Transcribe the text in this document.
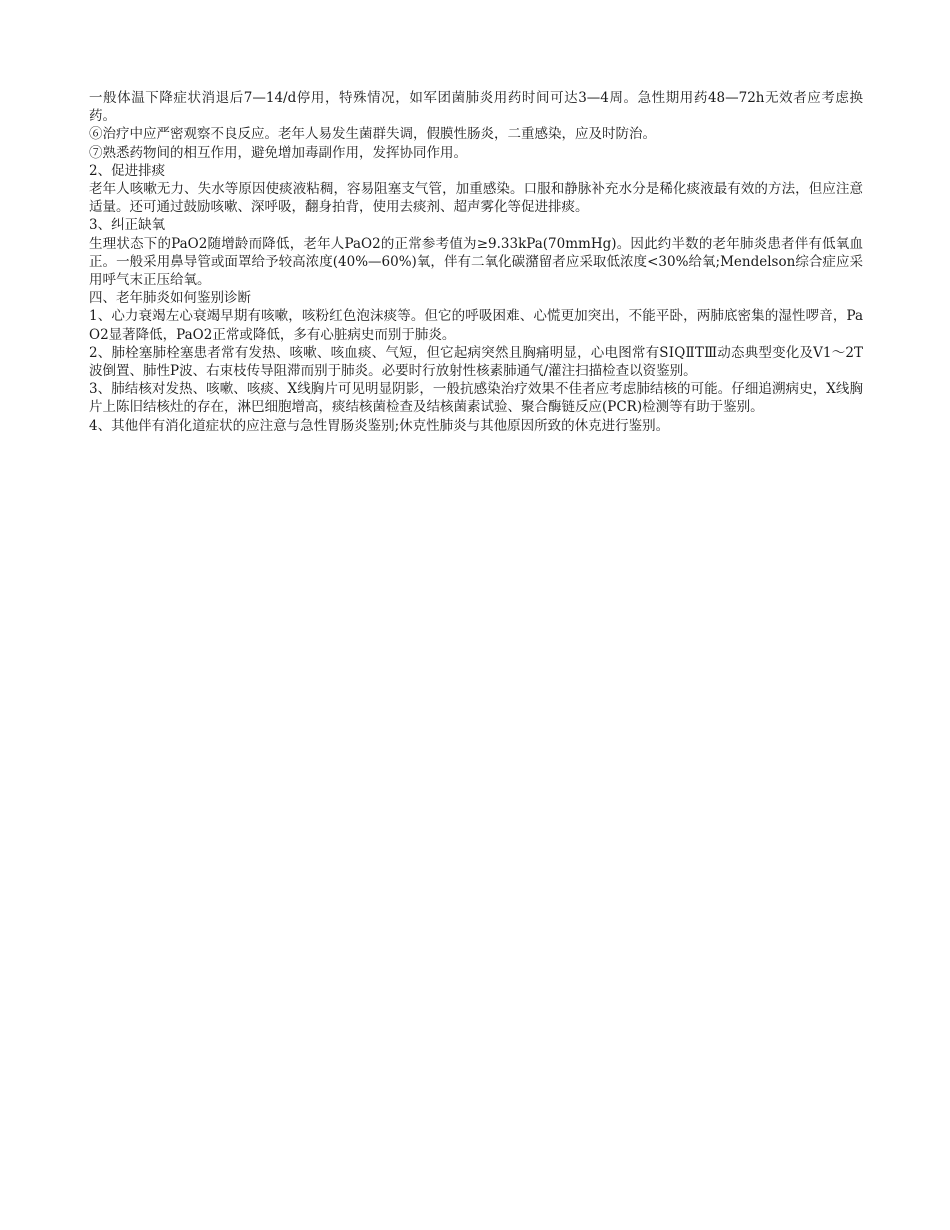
一般体温下降症状消退后7—14/d停用，特殊情况，如军团菌肺炎用药时间可达3—4周。急性期用药48—72h无效者应考虑换药。

⑥治疗中应严密观察不良反应。老年人易发生菌群失调，假膜性肠炎，二重感染，应及时防治。

⑦熟悉药物间的相互作用，避免增加毒副作用，发挥协同作用。

2、促进排痰

老年人咳嗽无力、失水等原因使痰液粘稠，容易阻塞支气管，加重感染。口服和静脉补充水分是稀化痰液最有效的方法，但应注意适量。还可通过鼓励咳嗽、深呼吸，翻身拍背，使用去痰剂、超声雾化等促进排痰。

3、纠正缺氧

生理状态下的PaO2随增龄而降低，老年人PaO2的正常参考值为≥9.33kPa(70mmHg)。因此约半数的老年肺炎患者伴有低氧血正。一般采用鼻导管或面罩给予较高浓度(40%—60%)氧，伴有二氧化碳潴留者应采取低浓度<30%给氧;Mendelson综合症应采用呼气末正压给氧。

四、老年肺炎如何鉴别诊断

1、心力衰竭左心衰竭早期有咳嗽，咳粉红色泡沫痰等。但它的呼吸困难、心慌更加突出，不能平卧，两肺底密集的湿性啰音，PaO2显著降低，PaO2正常或降低，多有心脏病史而别于肺炎。

2、肺栓塞肺栓塞患者常有发热、咳嗽、咳血痰、气短，但它起病突然且胸痛明显，心电图常有SⅠQⅡTⅢ动态典型变化及V1～2T波倒置、肺性P波、右束枝传导阻滞而别于肺炎。必要时行放射性核素肺通气/灌注扫描检查以资鉴别。

3、肺结核对发热、咳嗽、咳痰、X线胸片可见明显阴影，一般抗感染治疗效果不佳者应考虑肺结核的可能。仔细追溯病史，X线胸片上陈旧结核灶的存在，淋巴细胞增高，痰结核菌检查及结核菌素试验、聚合酶链反应(PCR)检测等有助于鉴别。

4、其他伴有消化道症状的应注意与急性胃肠炎鉴别;休克性肺炎与其他原因所致的休克进行鉴别。
